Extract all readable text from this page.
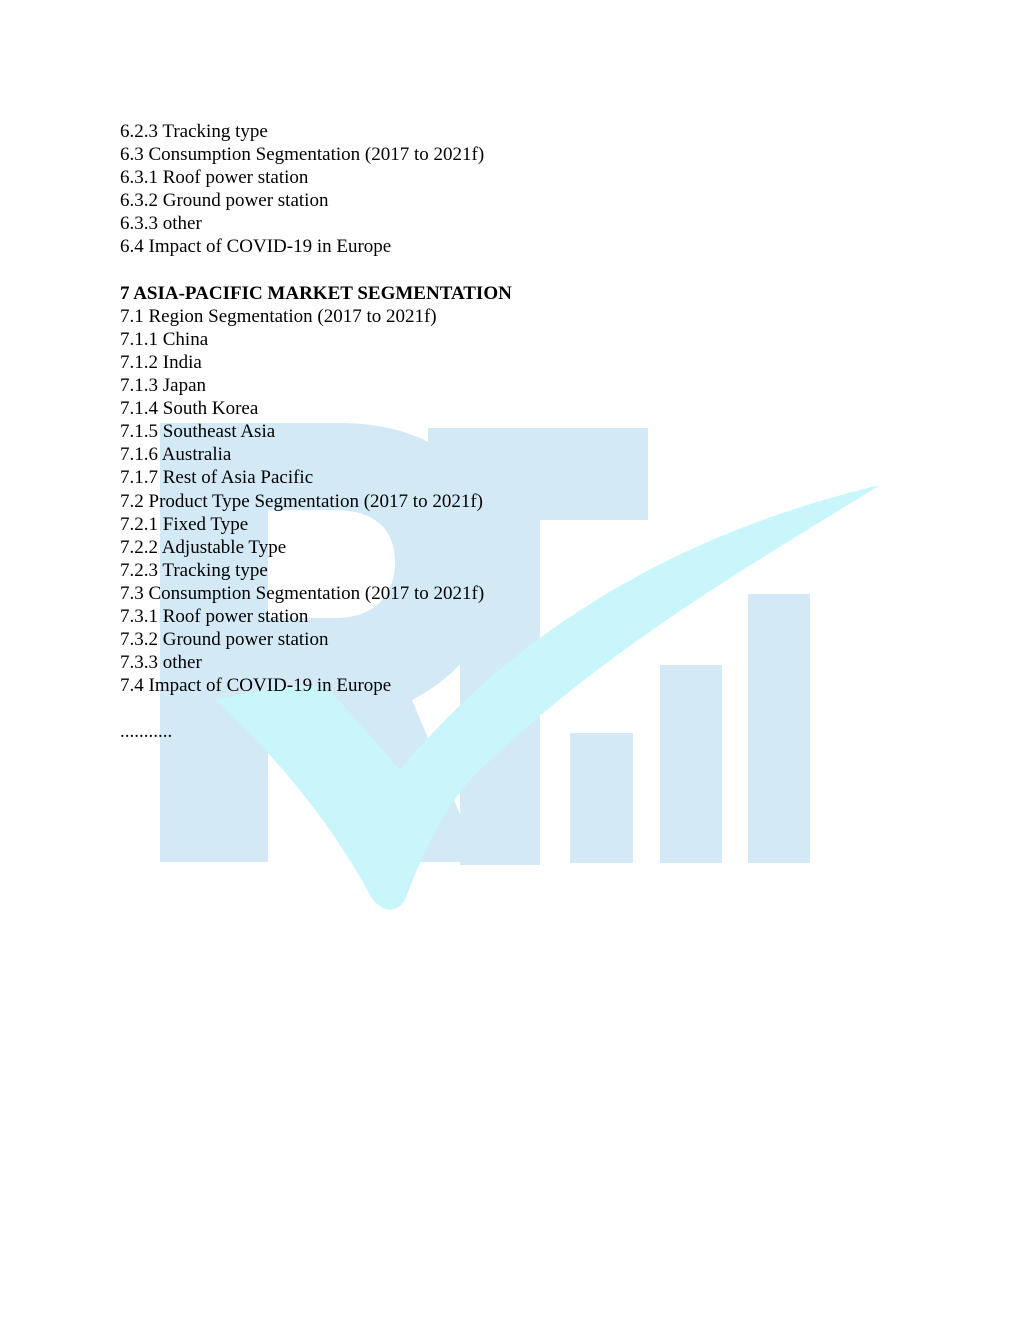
6.2.3 Tracking type
6.3 Consumption Segmentation (2017 to 2021f)
6.3.1 Roof power station
6.3.2 Ground power station
6.3.3 other
6.4 Impact of COVID-19 in Europe
7 ASIA-PACIFIC MARKET SEGMENTATION
7.1 Region Segmentation (2017 to 2021f)
7.1.1 China
7.1.2 India
7.1.3 Japan
7.1.4 South Korea
7.1.5 Southeast Asia
7.1.6 Australia
7.1.7 Rest of Asia Pacific
7.2 Product Type Segmentation (2017 to 2021f)
7.2.1 Fixed Type
7.2.2 Adjustable Type
7.2.3 Tracking type
7.3 Consumption Segmentation (2017 to 2021f)
7.3.1 Roof power station
7.3.2 Ground power station
7.3.3 other
7.4 Impact of COVID-19 in Europe
...........
